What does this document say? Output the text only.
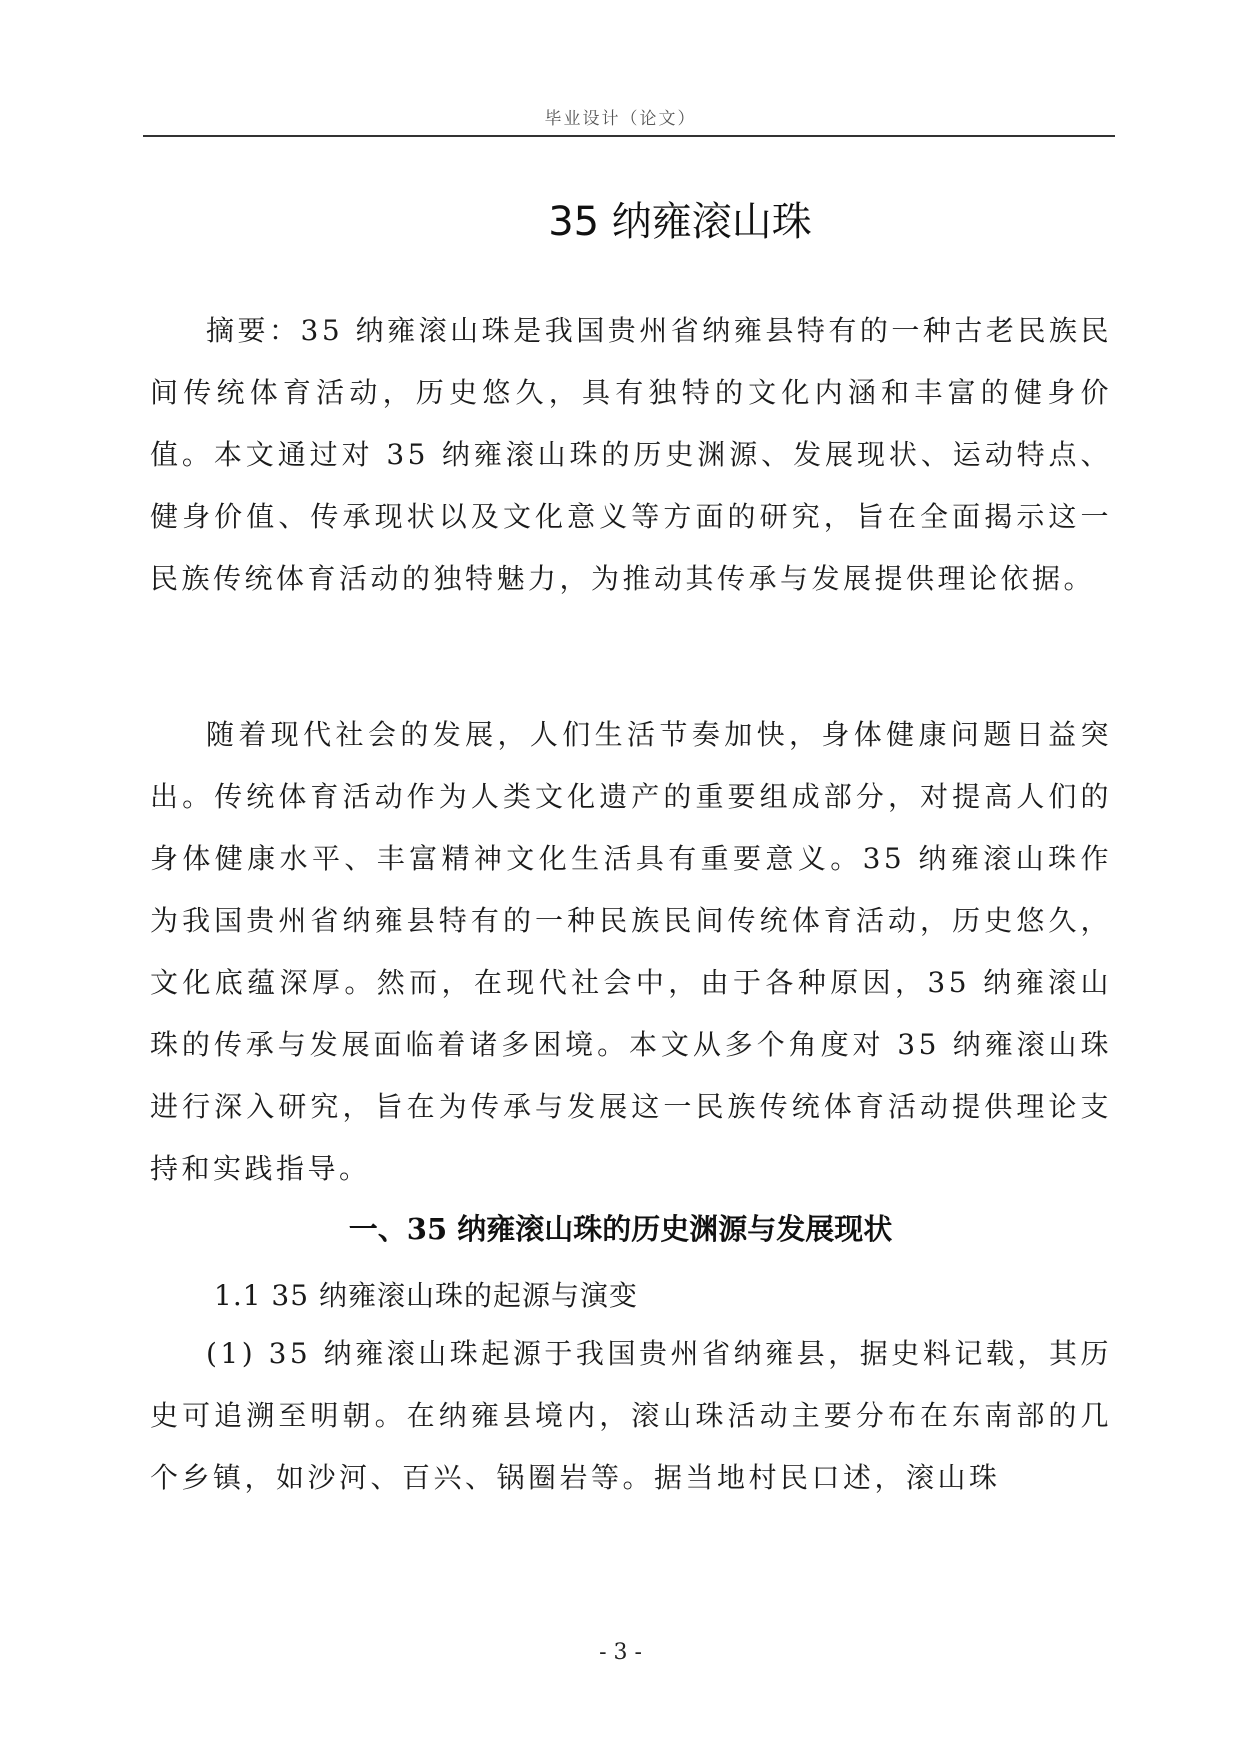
毕业设计（论文）
35 纳雍滚山珠

摘要：35 纳雍滚山珠是我国贵州省纳雍县特有的一种古老民族民间传统体育活动，历史悠久，具有独特的文化内涵和丰富的健身价值。本文通过对 35 纳雍滚山珠的历史渊源、发展现状、运动特点、健身价值、传承现状以及文化意义等方面的研究，旨在全面揭示这一民族传统体育活动的独特魅力，为推动其传承与发展提供理论依据。

随着现代社会的发展，人们生活节奏加快，身体健康问题日益突出。传统体育活动作为人类文化遗产的重要组成部分，对提高人们的身体健康水平、丰富精神文化生活具有重要意义。35 纳雍滚山珠作为我国贵州省纳雍县特有的一种民族民间传统体育活动，历史悠久，文化底蕴深厚。然而，在现代社会中，由于各种原因，35 纳雍滚山珠的传承与发展面临着诸多困境。本文从多个角度对 35 纳雍滚山珠进行深入研究，旨在为传承与发展这一民族传统体育活动提供理论支持和实践指导。

一、35 纳雍滚山珠的历史渊源与发展现状
1.1 35 纳雍滚山珠的起源与演变

(1) 35 纳雍滚山珠起源于我国贵州省纳雍县，据史料记载，其历史可追溯至明朝。在纳雍县境内，滚山珠活动主要分布在东南部的几个乡镇，如沙河、百兴、锅圈岩等。据当地村民口述，滚山珠

- 3 -
